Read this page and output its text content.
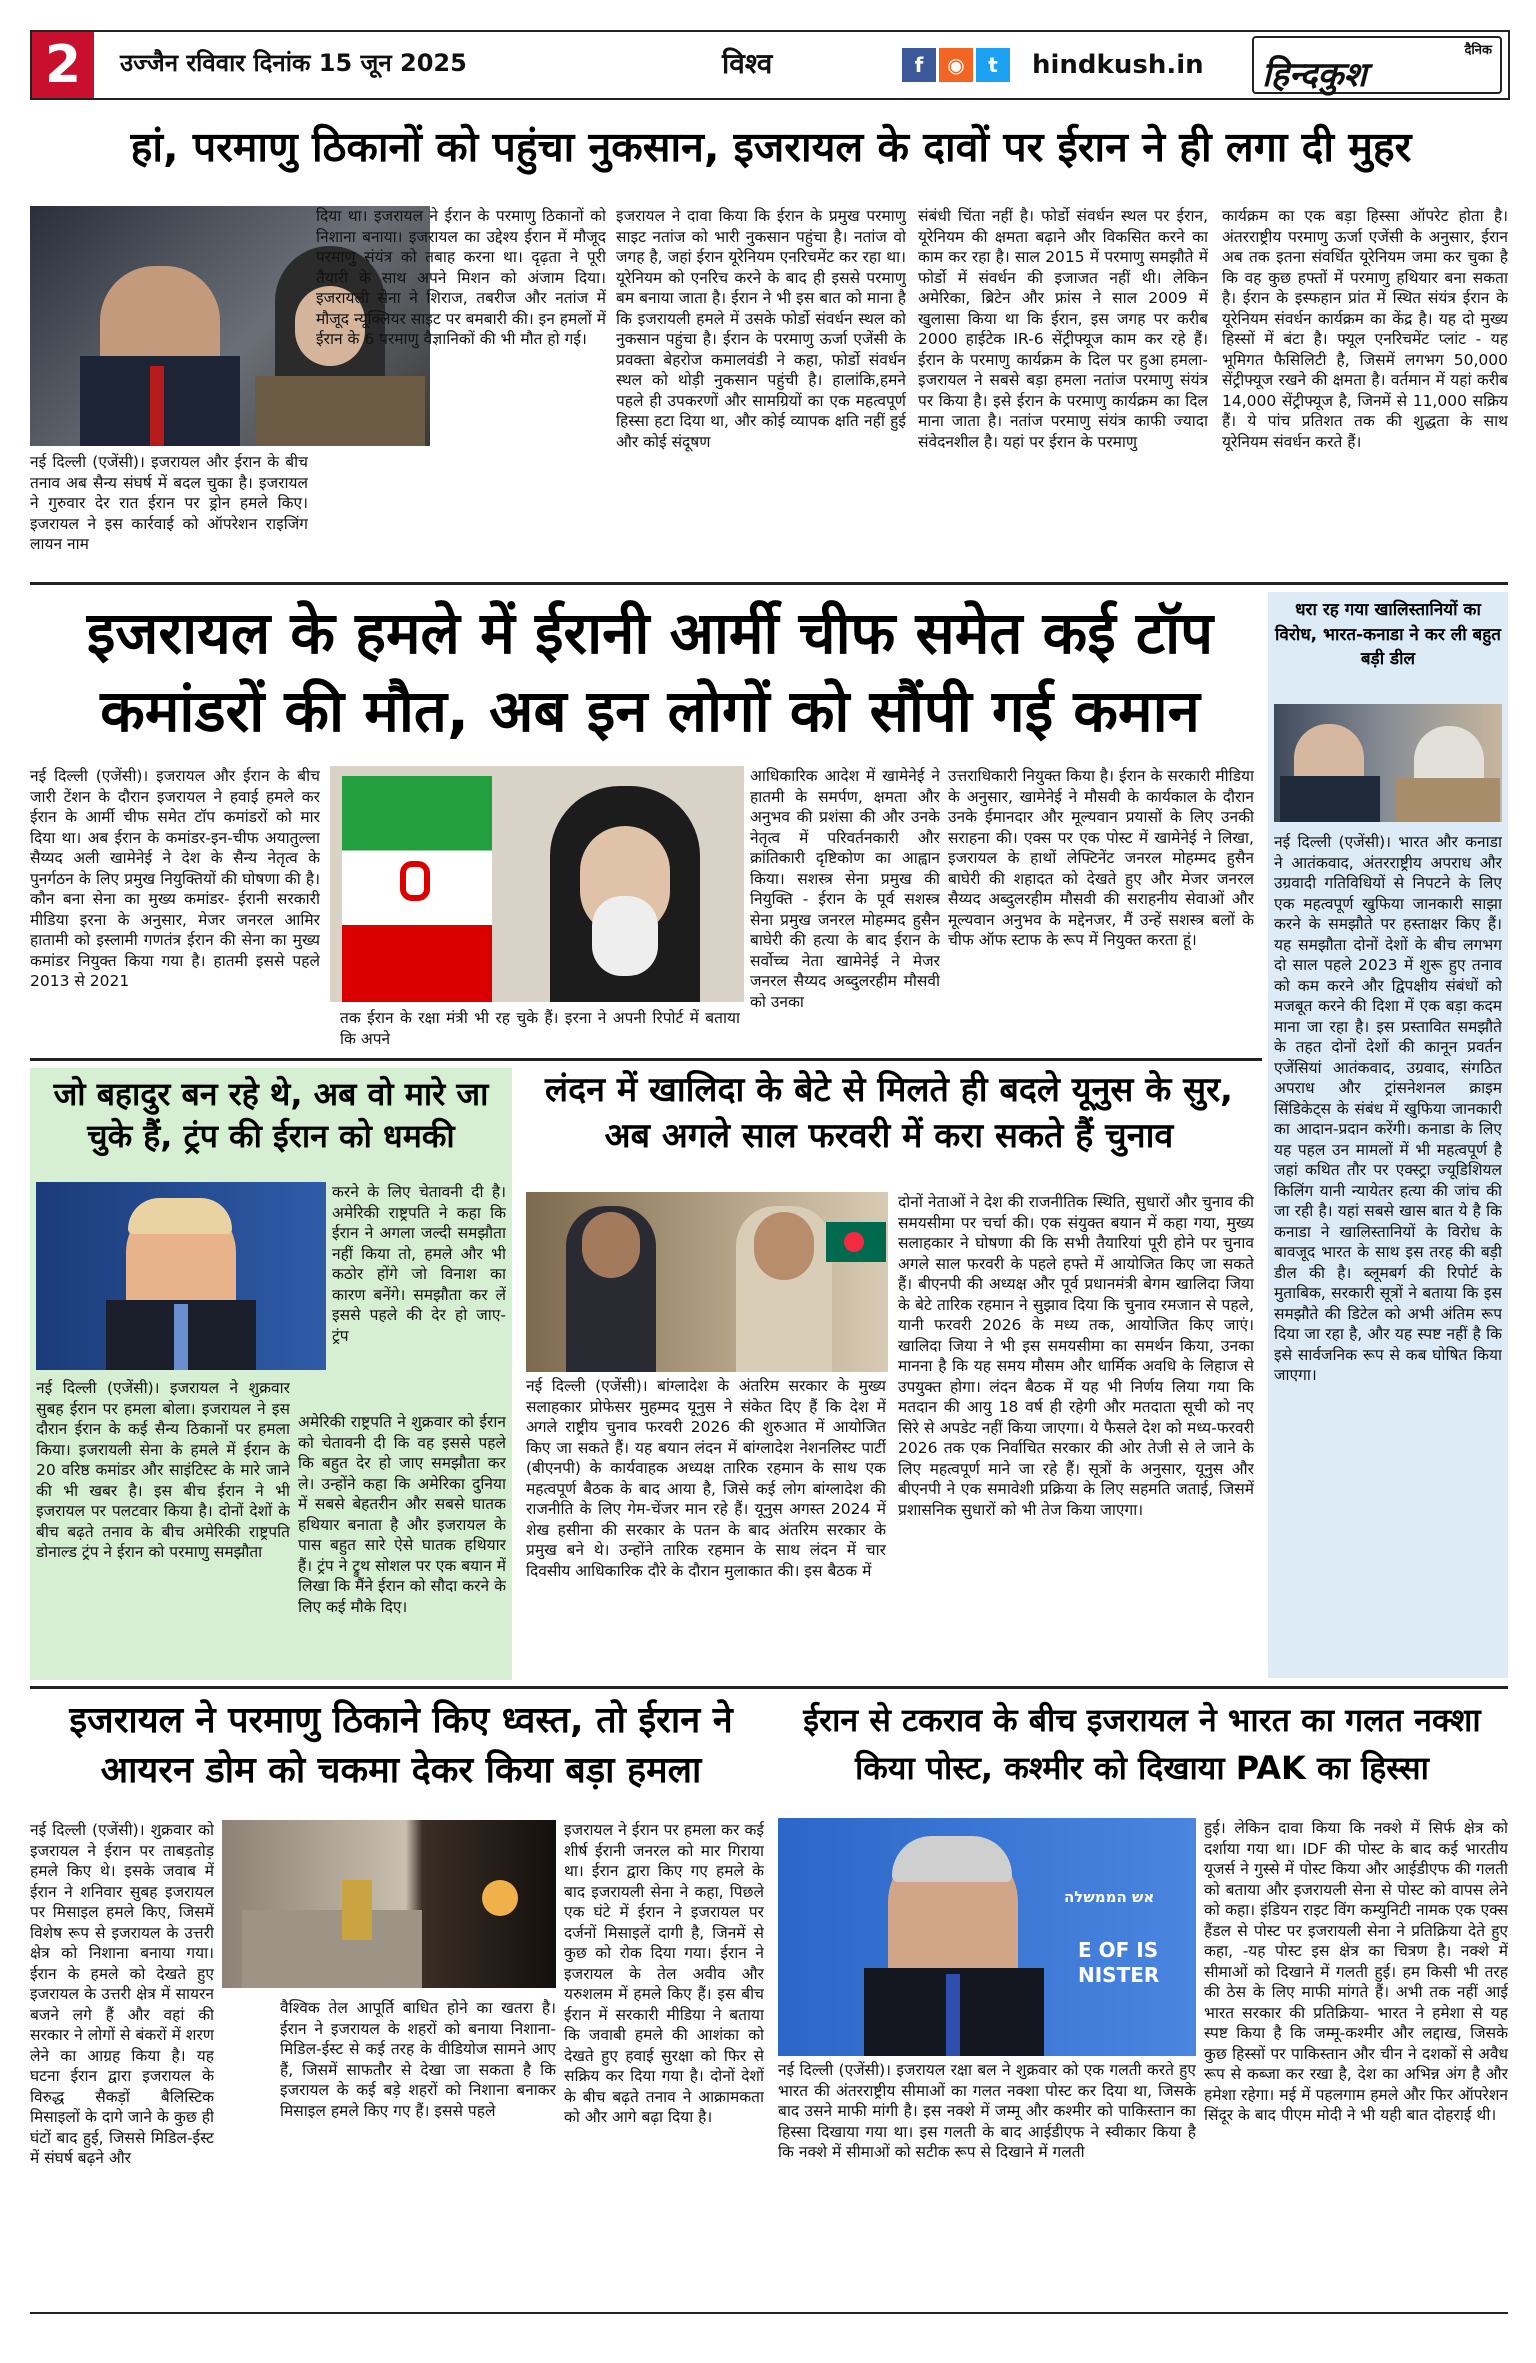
2	उज्जैन रविवार दिनांक 15 जून 2025	विश्व	f	◉	t	hindkush.in	दैनिक
हिन्दकुश
हां, परमाणु ठिकानों को पहुंचा नुकसान, इजरायल के दावों पर ईरान ने ही लगा दी मुहर
नई दिल्ली (एजेंसी)। इजरायल और ईरान के बीच तनाव अब सैन्य संघर्ष में बदल चुका है। इजरायल ने गुरुवार देर रात ईरान पर ड्रोन हमले किए। इजरायल ने इस कार्रवाई को ऑपरेशन राइजिंग लायन नाम
दिया था। इजरायल ने ईरान के परमाणु ठिकानों को निशाना बनाया। इजरायल का उद्देश्य ईरान में मौजूद परमाणु संयंत्र को तबाह करना था। दृढ़ता ने पूरी तैयारी के साथ अपने मिशन को अंजाम दिया। इजरायली सेना ने शिराज, तबरीज और नतांज में मौजूद न्यूक्लियर साइट पर बमबारी की। इन हमलों में ईरान के 6 परमाणु वैज्ञानिकों की भी मौत हो गई।
इजरायल ने दावा किया कि ईरान के प्रमुख परमाणु साइट नतांज को भारी नुकसान पहुंचा है। नतांज वो जगह है, जहां ईरान यूरेनियम एनरिचमेंट कर रहा था। यूरेनियम को एनरिच करने के बाद ही इससे परमाणु बम बनाया जाता है। ईरान ने भी इस बात को माना है कि इजरायली हमले में उसके फोर्डो संवर्धन स्थल को नुकसान पहुंचा है। ईरान के परमाणु ऊर्जा एजेंसी के प्रवक्ता बेहरोज कमालवंडी ने कहा, फोर्डो संवर्धन स्थल को थोड़ी नुकसान पहुंची है। हालांकि,हमने पहले ही उपकरणों और सामग्रियों का एक महत्वपूर्ण हिस्सा हटा दिया था, और कोई व्यापक क्षति नहीं हुई और कोई संदूषण
संबंधी चिंता नहीं है। फोर्डो संवर्धन स्थल पर ईरान, यूरेनियम की क्षमता बढ़ाने और विकसित करने का काम कर रहा है। साल 2015 में परमाणु समझौते में फोर्डो में संवर्धन की इजाजत नहीं थी। लेकिन अमेरिका, ब्रिटेन और फ्रांस ने साल 2009 में खुलासा किया था कि ईरान, इस जगह पर करीब 2000 हाईटेक IR-6 सेंट्रीफ्यूज काम कर रहे हैं। ईरान के परमाणु कार्यक्रम के दिल पर हुआ हमला- इजरायल ने सबसे बड़ा हमला नतांज परमाणु संयंत्र पर किया है। इसे ईरान के परमाणु कार्यक्रम का दिल माना जाता है। नतांज परमाणु संयंत्र काफी ज्यादा संवेदनशील है। यहां पर ईरान के परमाणु
कार्यक्रम का एक बड़ा हिस्सा ऑपरेट होता है। अंतरराष्ट्रीय परमाणु ऊर्जा एजेंसी के अनुसार, ईरान अब तक इतना संवर्धित यूरेनियम जमा कर चुका है कि वह कुछ हफ्तों में परमाणु हथियार बना सकता है। ईरान के इस्फहान प्रांत में स्थित संयंत्र ईरान के यूरेनियम संवर्धन कार्यक्रम का केंद्र है। यह दो मुख्य हिस्सों में बंटा है। फ्यूल एनरिचमेंट प्लांट - यह भूमिगत फैसिलिटी है, जिसमें लगभग 50,000 सेंट्रीफ्यूज रखने की क्षमता है। वर्तमान में यहां करीब 14,000 सेंट्रीफ्यूज है, जिनमें से 11,000 सक्रिय हैं। ये पांच प्रतिशत तक की शुद्धता के साथ यूरेनियम संवर्धन करते हैं।
इजरायल के हमले में ईरानी आर्मी चीफ समेत कई टॉप
कमांडरों की मौत, अब इन लोगों को सौंपी गई कमान
नई दिल्ली (एजेंसी)। इजरायल और ईरान के बीच जारी टेंशन के दौरान इजरायल ने हवाई हमले कर ईरान के आर्मी चीफ समेत टॉप कमांडरों को मार दिया था। अब ईरान के कमांडर-इन-चीफ अयातुल्ला सैय्यद अली खामेनेई ने देश के सैन्य नेतृत्व के पुनर्गठन के लिए प्रमुख नियुक्तियों की घोषणा की है। कौन बना सेना का मुख्य कमांडर- ईरानी सरकारी मीडिया इरना के अनुसार, मेजर जनरल आमिर हातामी को इस्लामी गणतंत्र ईरान की सेना का मुख्य कमांडर नियुक्त किया गया है। हातमी इससे पहले 2013 से 2021
तक ईरान के रक्षा मंत्री भी रह चुके हैं। इरना ने अपनी रिपोर्ट में बताया कि अपने
आधिकारिक आदेश में खामेनेई ने हातमी के समर्पण, क्षमता और अनुभव की प्रशंसा की और उनके नेतृत्व में परिवर्तनकारी और क्रांतिकारी दृष्टिकोण का आह्वान किया। सशस्त्र सेना प्रमुख की नियुक्ति - ईरान के पूर्व सशस्त्र सेना प्रमुख जनरल मोहम्मद हुसैन बाघेरी की हत्या के बाद ईरान के सर्वोच्च नेता खामेनेई ने मेजर जनरल सैय्यद अब्दुलरहीम मौसवी को उनका
उत्तराधिकारी नियुक्त किया है। ईरान के सरकारी मीडिया के अनुसार, खामेनेई ने मौसवी के कार्यकाल के दौरान उनके ईमानदार और मूल्यवान प्रयासों के लिए उनकी सराहना की। एक्स पर एक पोस्ट में खामेनेई ने लिखा, इजरायल के हाथों लेफ्टिनेंट जनरल मोहम्मद हुसैन बाघेरी की शहादत को देखते हुए और मेजर जनरल सैय्यद अब्दुलरहीम मौसवी की सराहनीय सेवाओं और मूल्यवान अनुभव के मद्देनजर, मैं उन्हें सशस्त्र बलों के चीफ ऑफ स्टाफ के रूप में नियुक्त करता हूं।
धरा रह गया खालिस्तानियों का विरोध, भारत-कनाडा ने कर ली बहुत बड़ी डील
नई दिल्ली (एजेंसी)। भारत और कनाडा ने आतंकवाद, अंतरराष्ट्रीय अपराध और उग्रवादी गतिविधियों से निपटने के लिए एक महत्वपूर्ण खुफिया जानकारी साझा करने के समझौते पर हस्ताक्षर किए हैं। यह समझौता दोनों देशों के बीच लगभग दो साल पहले 2023 में शुरू हुए तनाव को कम करने और द्विपक्षीय संबंधों को मजबूत करने की दिशा में एक बड़ा कदम माना जा रहा है। इस प्रस्तावित समझौते के तहत दोनों देशों की कानून प्रवर्तन एजेंसियां आतंकवाद, उग्रवाद, संगठित अपराध और ट्रांसनेशनल क्राइम सिंडिकेट्स के संबंध में खुफिया जानकारी का आदान-प्रदान करेंगी। कनाडा के लिए यह पहल उन मामलों में भी महत्वपूर्ण है जहां कथित तौर पर एक्स्ट्रा ज्यूडिशियल किलिंग यानी न्यायेतर हत्या की जांच की जा रही है। यहां सबसे खास बात ये है कि कनाडा ने खालिस्तानियों के विरोध के बावजूद भारत के साथ इस तरह की बड़ी डील की है। ब्लूमबर्ग की रिपोर्ट के मुताबिक, सरकारी सूत्रों ने बताया कि इस समझौते की डिटेल को अभी अंतिम रूप दिया जा रहा है, और यह स्पष्ट नहीं है कि इसे सार्वजनिक रूप से कब घोषित किया जाएगा।
जो बहादुर बन रहे थे, अब वो मारे जा चुके हैं, ट्रंप की ईरान को धमकी
करने के लिए चेतावनी दी है। अमेरिकी राष्ट्रपति ने कहा कि ईरान ने अगला जल्दी समझौता नहीं किया तो, हमले और भी कठोर होंगे जो विनाश का कारण बनेंगे। समझौता कर लें इससे पहले की देर हो जाए- ट्रंप
नई दिल्ली (एजेंसी)। इजरायल ने शुक्रवार सुबह ईरान पर हमला बोला। इजरायल ने इस दौरान ईरान के कई सैन्य ठिकानों पर हमला किया। इजरायली सेना के हमले में ईरान के 20 वरिष्ठ कमांडर और साइंटिस्ट के मारे जाने की भी खबर है। इस बीच ईरान ने भी इजरायल पर पलटवार किया है। दोनों देशों के बीच बढ़ते तनाव के बीच अमेरिकी राष्ट्रपति डोनाल्ड ट्रंप ने ईरान को परमाणु समझौता
अमेरिकी राष्ट्रपति ने शुक्रवार को ईरान को चेतावनी दी कि वह इससे पहले कि बहुत देर हो जाए समझौता कर ले। उन्होंने कहा कि अमेरिका दुनिया में सबसे बेहतरीन और सबसे घातक हथियार बनाता है और इजरायल के पास बहुत सारे ऐसे घातक हथियार हैं। ट्रंप ने ट्रुथ सोशल पर एक बयान में लिखा कि मैंने ईरान को सौदा करने के लिए कई मौके दिए।
लंदन में खालिदा के बेटे से मिलते ही बदले यूनुस के सुर, अब अगले साल फरवरी में करा सकते हैं चुनाव
नई दिल्ली (एजेंसी)। बांग्लादेश के अंतरिम सरकार के मुख्य सलाहकार प्रोफेसर मुहम्मद यूनुस ने संकेत दिए हैं कि देश में अगले राष्ट्रीय चुनाव फरवरी 2026 की शुरुआत में आयोजित किए जा सकते हैं। यह बयान लंदन में बांग्लादेश नेशनलिस्ट पार्टी (बीएनपी) के कार्यवाहक अध्यक्ष तारिक रहमान के साथ एक महत्वपूर्ण बैठक के बाद आया है, जिसे कई लोग बांग्लादेश की राजनीति के लिए गेम-चेंजर मान रहे हैं। यूनुस अगस्त 2024 में शेख हसीना की सरकार के पतन के बाद अंतरिम सरकार के प्रमुख बने थे। उन्होंने तारिक रहमान के साथ लंदन में चार दिवसीय आधिकारिक दौरे के दौरान मुलाकात की। इस बैठक में
दोनों नेताओं ने देश की राजनीतिक स्थिति, सुधारों और चुनाव की समयसीमा पर चर्चा की। एक संयुक्त बयान में कहा गया, मुख्य सलाहकार ने घोषणा की कि सभी तैयारियां पूरी होने पर चुनाव अगले साल फरवरी के पहले हफ्ते में आयोजित किए जा सकते हैं। बीएनपी की अध्यक्ष और पूर्व प्रधानमंत्री बेगम खालिदा जिया के बेटे तारिक रहमान ने सुझाव दिया कि चुनाव रमजान से पहले, यानी फरवरी 2026 के मध्य तक, आयोजित किए जाएं। खालिदा जिया ने भी इस समयसीमा का समर्थन किया, उनका मानना है कि यह समय मौसम और धार्मिक अवधि के लिहाज से उपयुक्त होगा। लंदन बैठक में यह भी निर्णय लिया गया कि मतदान की आयु 18 वर्ष ही रहेगी और मतदाता सूची को नए सिरे से अपडेट नहीं किया जाएगा। ये फैसले देश को मध्य-फरवरी 2026 तक एक निर्वाचित सरकार की ओर तेजी से ले जाने के लिए महत्वपूर्ण माने जा रहे हैं। सूत्रों के अनुसार, यूनुस और बीएनपी ने एक समावेशी प्रक्रिया के लिए सहमति जताई, जिसमें प्रशासनिक सुधारों को भी तेज किया जाएगा।
इजरायल ने परमाणु ठिकाने किए ध्वस्त, तो ईरान ने आयरन डोम को चकमा देकर किया बड़ा हमला
नई दिल्ली (एजेंसी)। शुक्रवार को इजरायल ने ईरान पर ताबड़तोड़ हमले किए थे। इसके जवाब में ईरान ने शनिवार सुबह इजरायल पर मिसाइल हमले किए, जिसमें विशेष रूप से इजरायल के उत्तरी क्षेत्र को निशाना बनाया गया। ईरान के हमले को देखते हुए इजरायल के उत्तरी क्षेत्र में सायरन बजने लगे हैं और वहां की सरकार ने लोगों से बंकरों में शरण लेने का आग्रह किया है। यह घटना ईरान द्वारा इजरायल के विरुद्ध सैकड़ों बैलिस्टिक मिसाइलों के दागे जाने के कुछ ही घंटों बाद हुई, जिससे मिडिल-ईस्ट में संघर्ष बढ़ने और
वैश्विक तेल आपूर्ति बाधित होने का खतरा है। ईरान ने इजरायल के शहरों को बनाया निशाना- मिडिल-ईस्ट से कई तरह के वीडियोज सामने आए हैं, जिसमें साफतौर से देखा जा सकता है कि इजरायल के कई बड़े शहरों को निशाना बनाकर मिसाइल हमले किए गए हैं। इससे पहले
इजरायल ने ईरान पर हमला कर कई शीर्ष ईरानी जनरल को मार गिराया था। ईरान द्वारा किए गए हमले के बाद इजरायली सेना ने कहा, पिछले एक घंटे में ईरान ने इजरायल पर दर्जनों मिसाइलें दागी है, जिनमें से कुछ को रोक दिया गया। ईरान ने इजरायल के तेल अवीव और यरुशलम में हमले किए हैं। इस बीच ईरान में सरकारी मीडिया ने बताया कि जवाबी हमले की आशंका को देखते हुए हवाई सुरक्षा को फिर से सक्रिय कर दिया गया है। दोनों देशों के बीच बढ़ते तनाव ने आक्रामकता को और आगे बढ़ा दिया है।
ईरान से टकराव के बीच इजरायल ने भारत का गलत नक्शा किया पोस्ट, कश्मीर को दिखाया PAK का हिस्सा
אש הממשלה
E OF IS NISTER
नई दिल्ली (एजेंसी)। इजरायल रक्षा बल ने शुक्रवार को एक गलती करते हुए भारत की अंतरराष्ट्रीय सीमाओं का गलत नक्शा पोस्ट कर दिया था, जिसके बाद उसने माफी मांगी है। इस नक्शे में जम्मू और कश्मीर को पाकिस्तान का हिस्सा दिखाया गया था। इस गलती के बाद आईडीएफ ने स्वीकार किया है कि नक्शे में सीमाओं को सटीक रूप से दिखाने में गलती
हुई। लेकिन दावा किया कि नक्शे में सिर्फ क्षेत्र को दर्शाया गया था। IDF की पोस्ट के बाद कई भारतीय यूजर्स ने गुस्से में पोस्ट किया और आईडीएफ की गलती को बताया और इजरायली सेना से पोस्ट को वापस लेने को कहा। इंडियन राइट विंग कम्युनिटी नामक एक एक्स हैंडल से पोस्ट पर इजरायली सेना ने प्रतिक्रिया देते हुए कहा, -यह पोस्ट इस क्षेत्र का चित्रण है। नक्शे में सीमाओं को दिखाने में गलती हुई। हम किसी भी तरह की ठेस के लिए माफी मांगते हैं। अभी तक नहीं आई भारत सरकार की प्रतिक्रिया- भारत ने हमेशा से यह स्पष्ट किया है कि जम्मू-कश्मीर और लद्दाख, जिसके कुछ हिस्सों पर पाकिस्तान और चीन ने दशकों से अवैध रूप से कब्जा कर रखा है, देश का अभिन्न अंग है और हमेशा रहेगा। मई में पहलगाम हमले और फिर ऑपरेशन सिंदूर के बाद पीएम मोदी ने भी यही बात दोहराई थी।
